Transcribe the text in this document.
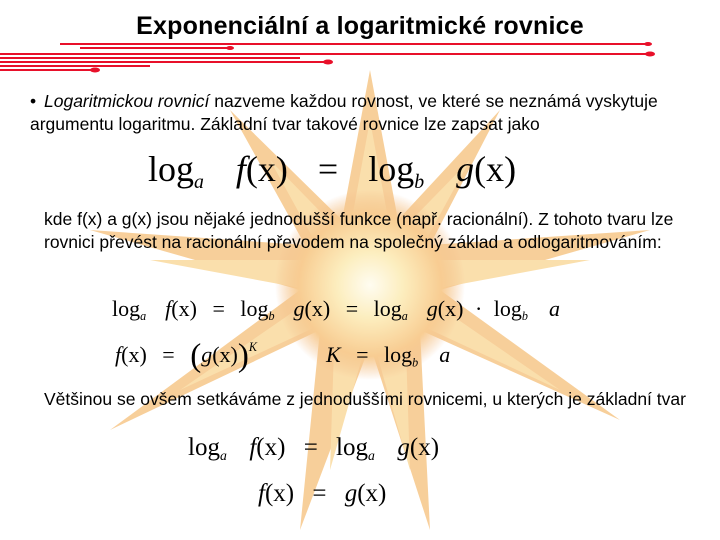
Exponenciální a logaritmické rovnice
• Logaritmickou rovnicí nazveme každou rovnost, ve které se neznámá vyskytuje argumentu logaritmu. Základní tvar takové rovnice lze zapsat jako
$\log_a f(x) = \log_b g(x)$
kde f(x) a g(x) jsou nějaké jednodušší funkce (např. racionální). Z tohoto tvaru lze rovnici převést na racionální převodem na společný základ a odlogaritmováním:
$\log_a f(x) = \log_b g(x) = \log_a g(x) \cdot \log_b a$
$f(x) = (g(x))^K$	$K = \log_b a$
Většinou se ovšem setkáváme z jednoduššími rovnicemi, u kterých je základní tvar
$\log_a f(x) = \log_a g(x)$
f(x) = g(x)
